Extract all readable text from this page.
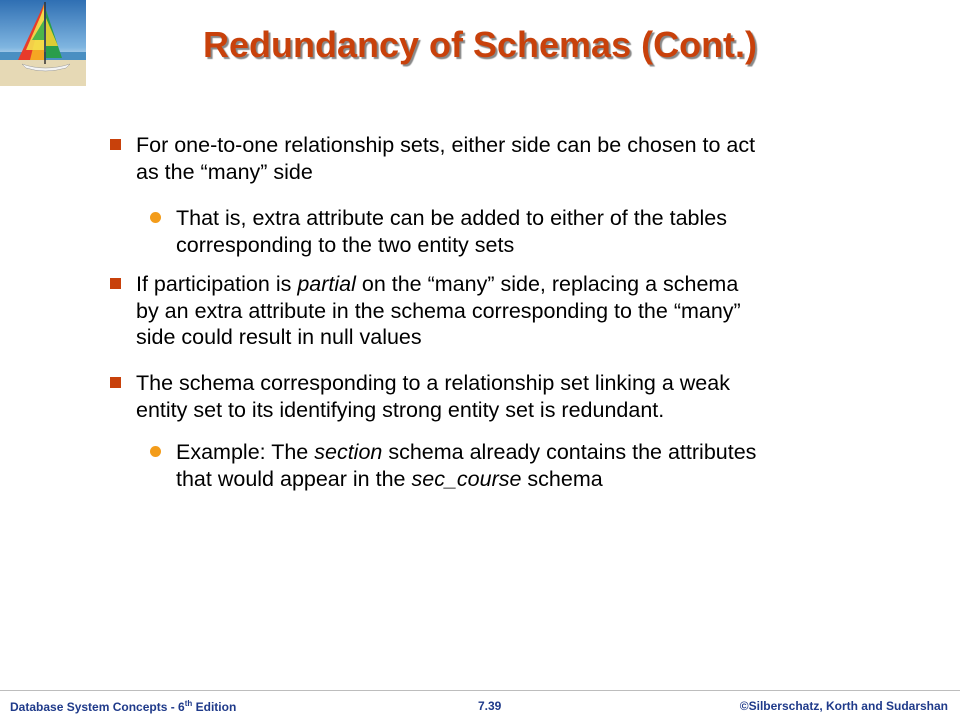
Redundancy of Schemas (Cont.)
For one-to-one relationship sets, either side can be chosen to act
as the “many” side
That is, extra attribute can be added to either of the tables
corresponding to the two entity sets
If participation is partial on the “many” side, replacing a schema
by an extra attribute in the schema corresponding to the “many”
side could result in null values
The schema corresponding to a relationship set linking a weak
entity set to its identifying strong entity set is redundant.
Example: The section schema already contains the attributes
that would appear in the sec_course schema
Database System Concepts - 6th Edition	7.39	©Silberschatz, Korth and Sudarshan
